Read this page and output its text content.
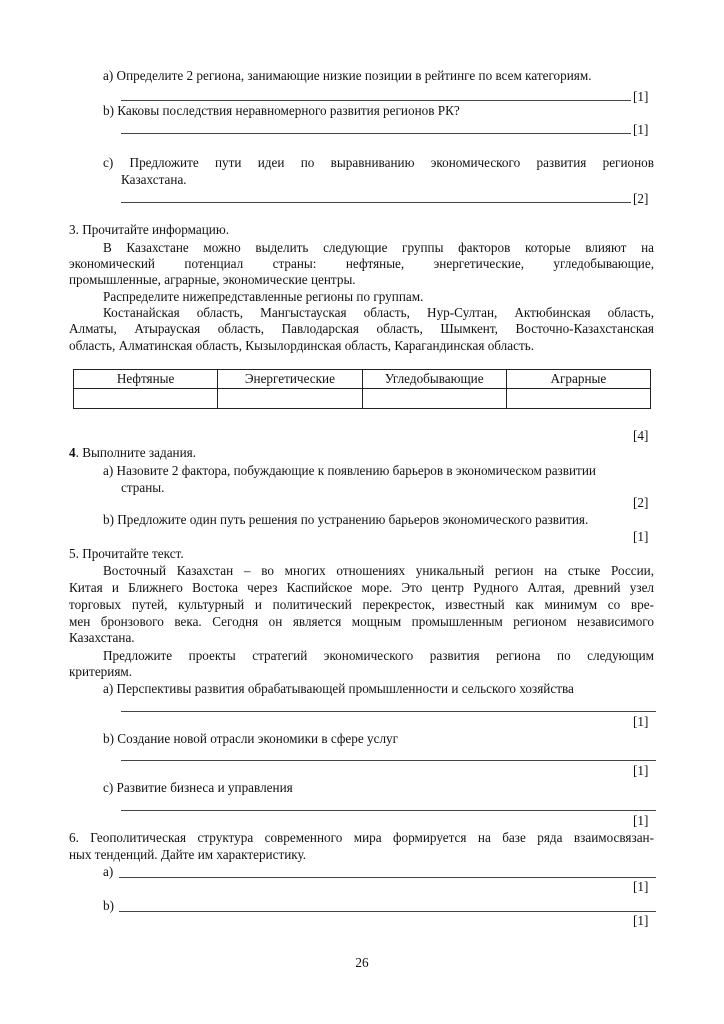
a) Определите 2 региона, занимающие низкие позиции в рейтинге по всем категориям.
[1]
b) Каковы последствия неравномерного развития регионов РК?
[1]
c) Предложите пути идеи по выравниванию экономического развития регионов
Казахстана.
[2]
3. Прочитайте информацию.
В Казахстане можно выделить следующие группы факторов которые влияют на
экономический потенциал страны: нефтяные, энергетические, угледобывающие,
промышленные, аграрные, экономические центры.
Распределите нижепредставленные регионы по группам.
Костанайская область, Мангыстауская область, Нур-Султан, Актюбинская область,
Алматы, Атырауская область, Павлодарская область, Шымкент, Восточно-Казахстанская
область, Алматинская область, Кызылординская область, Карагандинская область.
Нефтяные	Энергетические	Угледобывающие	Аграрные

[4]
4. Выполните задания.
a) Назовите 2 фактора, побуждающие к появлению барьеров в экономическом развитии
страны.
[2]
b) Предложите один путь решения по устранению барьеров экономического развития.
[1]
5. Прочитайте текст.
Восточный Казахстан – во многих отношениях уникальный регион на стыке России,
Китая и Ближнего Востока через Каспийское море. Это центр Рудного Алтая, древний узел
торговых путей, культурный и политический перекресток, известный как минимум со вре-
мен бронзового века. Сегодня он является мощным промышленным регионом независимого
Казахстана.
Предложите проекты стратегий экономического развития региона по следующим
критериям.
a) Перспективы развития обрабатывающей промышленности и сельского хозяйства
[1]
b) Создание новой отрасли экономики в сфере услуг
[1]
c) Развитие бизнеса и управления
[1]
6. Геополитическая структура современного мира формируется на базе ряда взаимосвязан-
ных тенденций. Дайте им характеристику.
а)
[1]
b)
[1]
26
